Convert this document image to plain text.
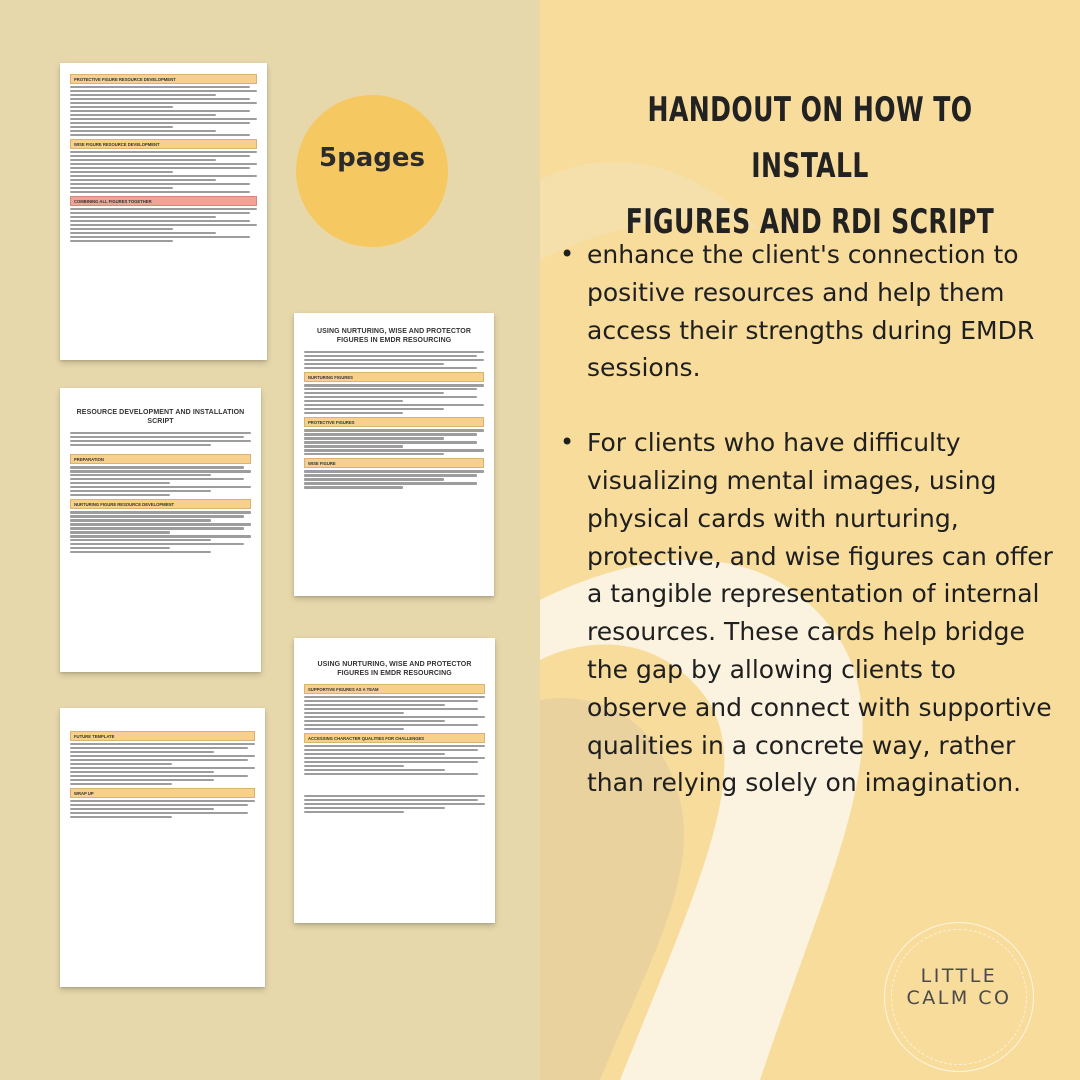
PROTECTIVE FIGURE RESOURCE DEVELOPMENT
WISE FIGURE RESOURCE DEVELOPMENT
COMBINING ALL FIGURES TOGETHER
RESOURCE DEVELOPMENT AND INSTALLATION SCRIPT
PREPARATION
NURTURING FIGURE RESOURCE DEVELOPMENT
FUTURE TEMPLATE
WRAP UP
USING NURTURING, WISE AND PROTECTOR FIGURES IN EMDR RESOURCING
NURTURING FIGURES
PROTECTIVE FIGURES
WISE FIGURE
USING NURTURING, WISE AND PROTECTOR FIGURES IN EMDR RESOURCING
SUPPORTIVE FIGURES AS A TEAM
ACCESSING CHARACTER QUALITIES FOR CHALLENGES
5pages
HANDOUT ON HOW TO INSTALL
FIGURES AND RDI SCRIPT
• enhance the client's connection to positive resources and help them access their strengths during EMDR sessions.
• For clients who have difficulty visualizing mental images, using physical cards with nurturing, protective, and wise figures can offer a tangible representation of internal resources. These cards help bridge the gap by allowing clients to observe and connect with supportive qualities in a concrete way, rather than relying solely on imagination.
LITTLE
CALM CO
